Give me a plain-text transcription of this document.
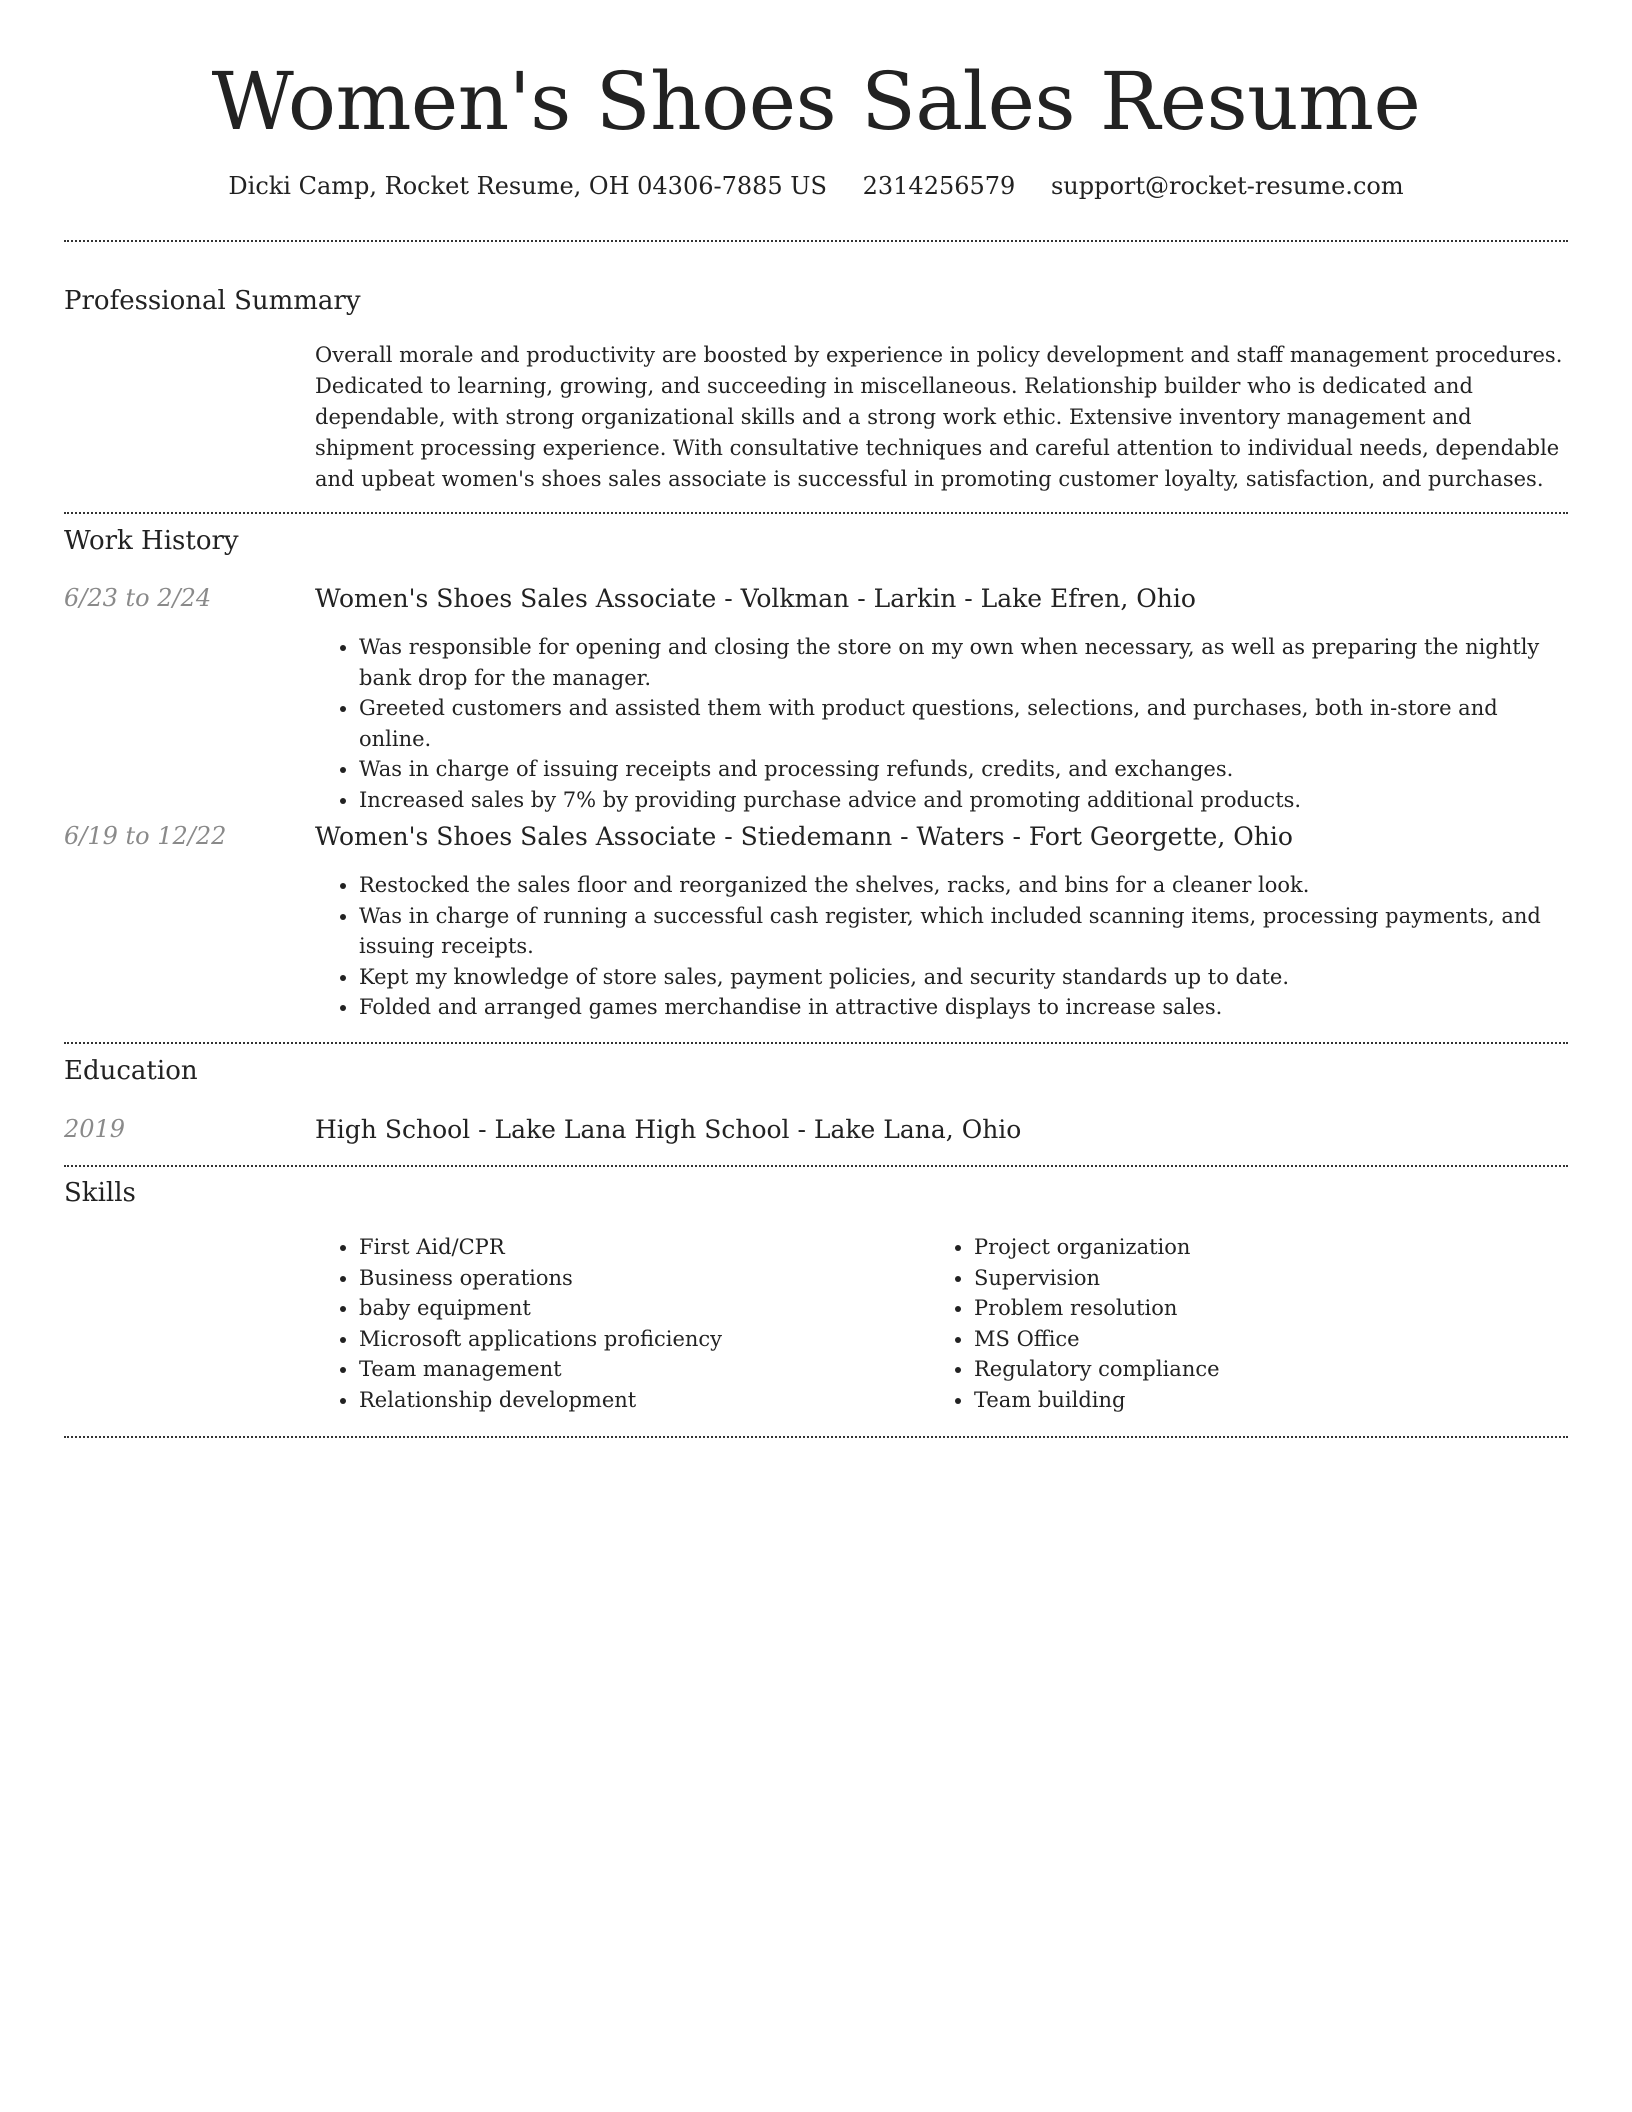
Women's Shoes Sales Resume
Dicki Camp, Rocket Resume, OH 04306-7885 US 2314256579 support@rocket-resume.com
Professional Summary
Overall morale and productivity are boosted by experience in policy development and staff management procedures. Dedicated to learning, growing, and succeeding in miscellaneous. Relationship builder who is dedicated and dependable, with strong organizational skills and a strong work ethic. Extensive inventory management and shipment processing experience. With consultative techniques and careful attention to individual needs, dependable and upbeat women's shoes sales associate is successful in promoting customer loyalty, satisfaction, and purchases.
Work History
6/23 to 2/24	Women's Shoes Sales Associate - Volkman - Larkin - Lake Efren, Ohio
• Was responsible for opening and closing the store on my own when necessary, as well as preparing the nightly bank drop for the manager.
• Greeted customers and assisted them with product questions, selections, and purchases, both in-store and online.
• Was in charge of issuing receipts and processing refunds, credits, and exchanges.
• Increased sales by 7% by providing purchase advice and promoting additional products.
6/19 to 12/22	Women's Shoes Sales Associate - Stiedemann - Waters - Fort Georgette, Ohio
• Restocked the sales floor and reorganized the shelves, racks, and bins for a cleaner look.
• Was in charge of running a successful cash register, which included scanning items, processing payments, and issuing receipts.
• Kept my knowledge of store sales, payment policies, and security standards up to date.
• Folded and arranged games merchandise in attractive displays to increase sales.
Education
2019	High School - Lake Lana High School - Lake Lana, Ohio
Skills
• First Aid/CPR
• Business operations
• baby equipment
• Microsoft applications proficiency
• Team management
• Relationship development
• Project organization
• Supervision
• Problem resolution
• MS Office
• Regulatory compliance
• Team building
